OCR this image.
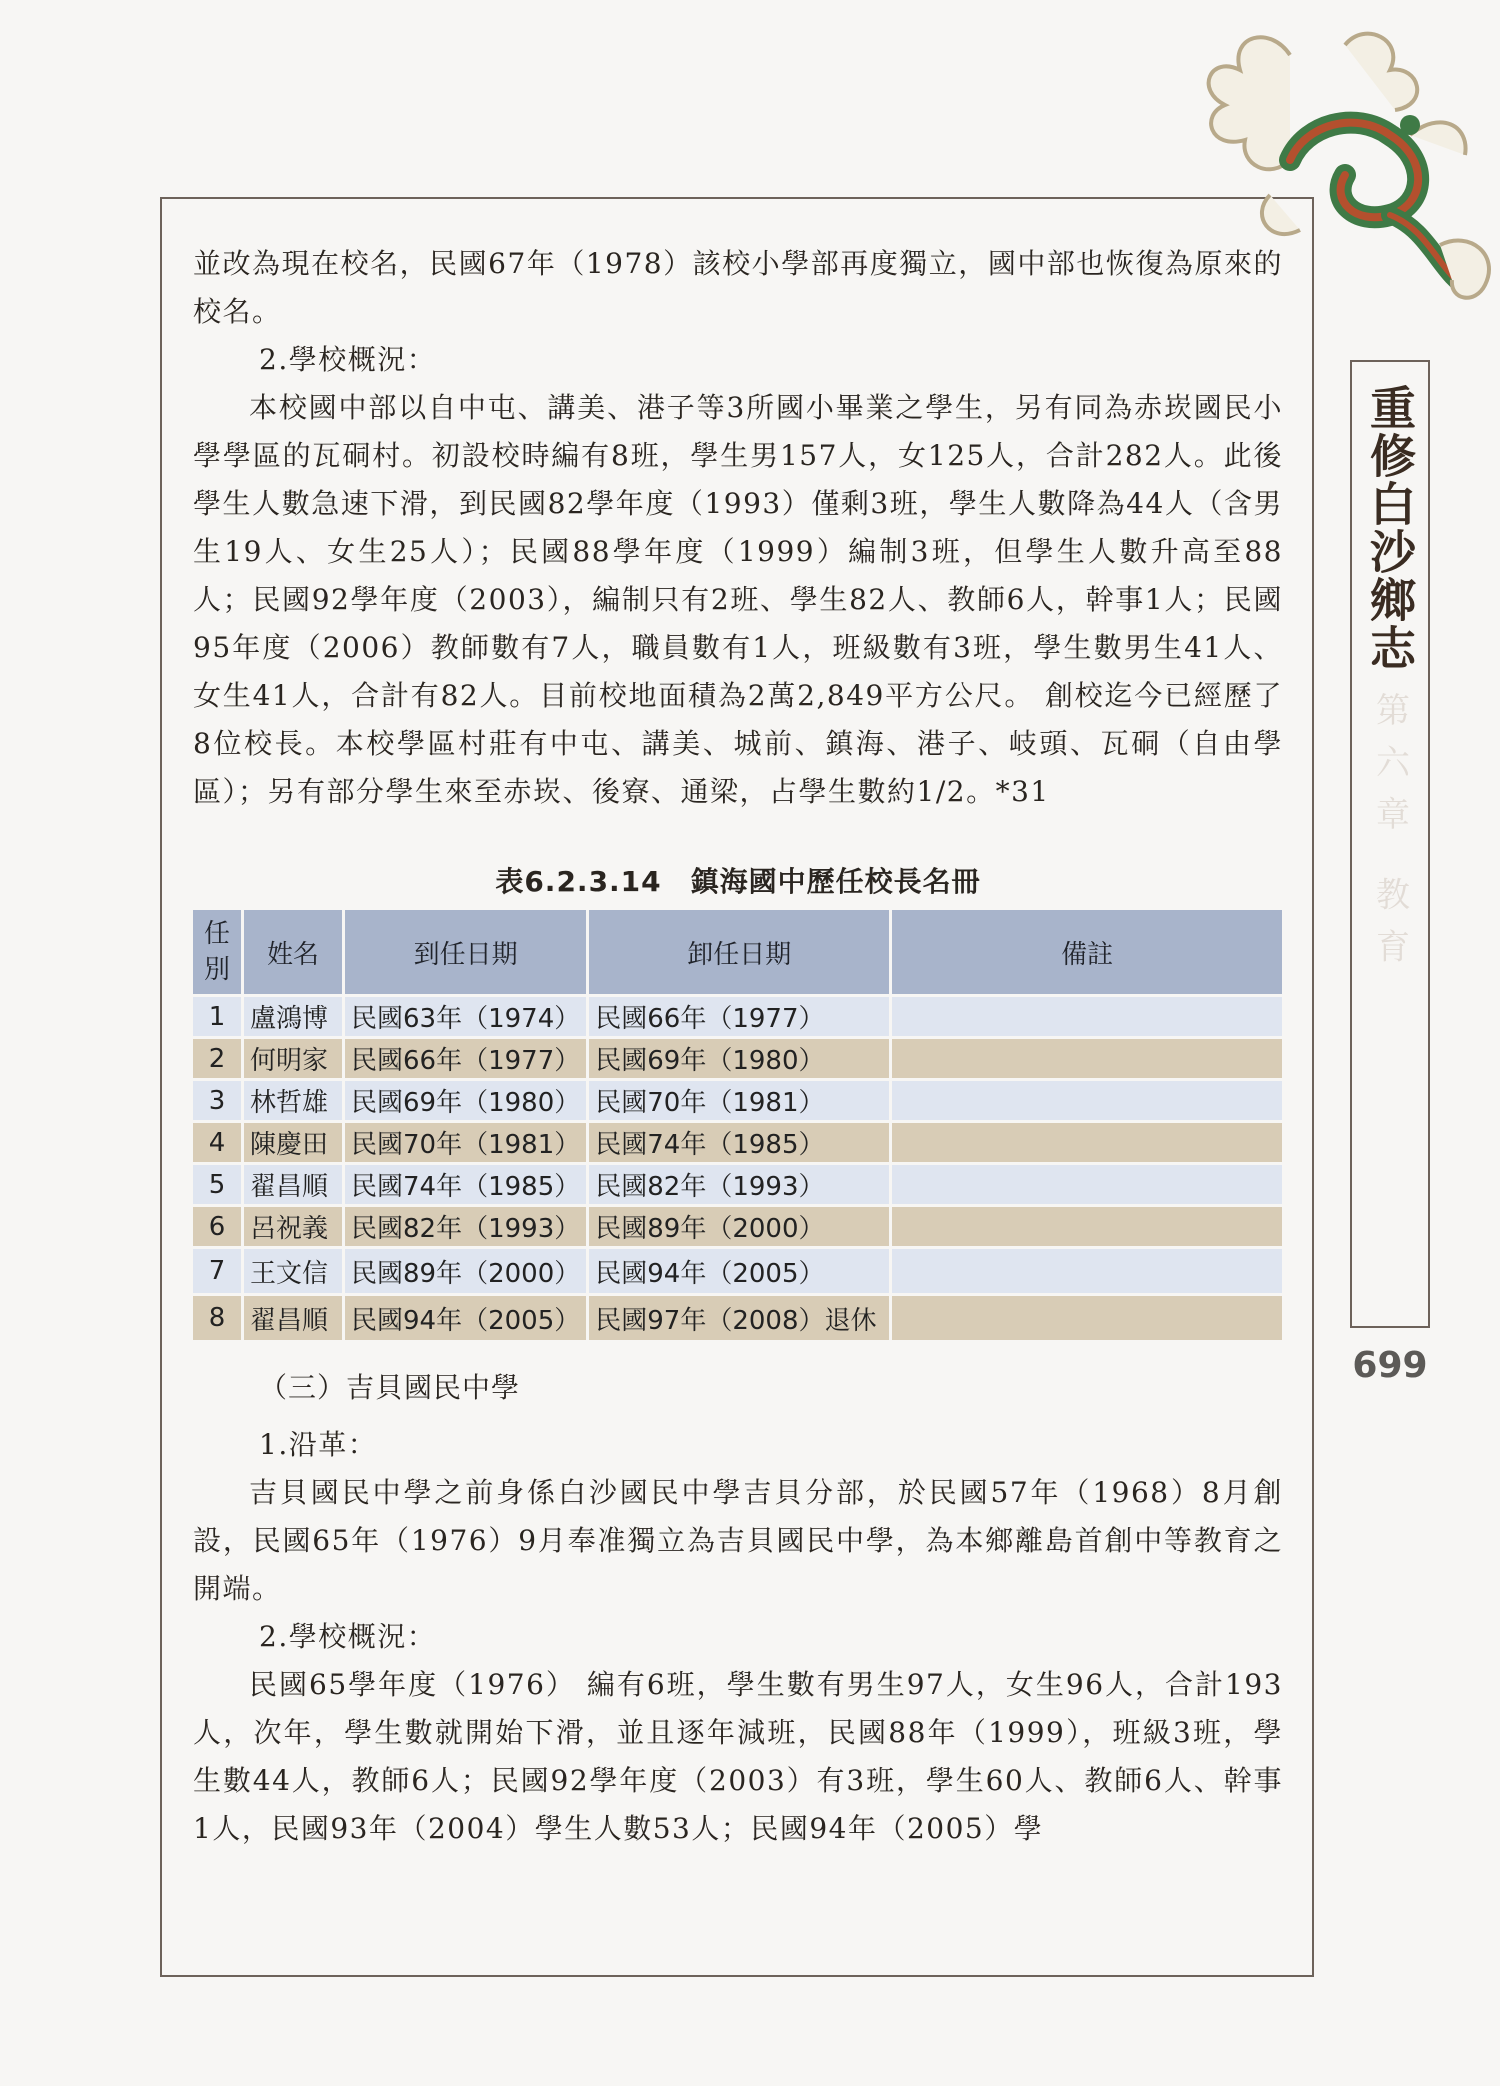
重修白沙鄉志
第六章 教育
699

並改為現在校名，民國67年（1978）該校小學部再度獨立，國中部也恢復為原來的校名。

2.學校概況：

本校國中部以自中屯、講美、港子等3所國小畢業之學生，另有同為赤崁國民小學學區的瓦硐村。初設校時編有8班，學生男157人，女125人，合計282人。此後學生人數急速下滑，到民國82學年度（1993）僅剩3班，學生人數降為44人（含男生19人、女生25人）；民國88學年度（1999）編制3班，但學生人數升高至88人；民國92學年度（2003），編制只有2班、學生82人、教師6人，幹事1人；民國95年度（2006）教師數有7人，職員數有1人，班級數有3班，學生數男生41人、女生41人，合計有82人。目前校地面積為2萬2,849平方公尺。 創校迄今已經歷了8位校長。本校學區村莊有中屯、講美、城前、鎮海、港子、岐頭、瓦硐（自由學區）；另有部分學生來至赤崁、後寮、通梁，占學生數約1/2。*31

表6.2.3.14　鎮海國中歷任校長名冊
任別	姓名	到任日期	卸任日期	備註
1	盧鴻博	民國63年（1974）	民國66年（1977）	
2	何明家	民國66年（1977）	民國69年（1980）	
3	林哲雄	民國69年（1980）	民國70年（1981）	
4	陳慶田	民國70年（1981）	民國74年（1985）	
5	翟昌順	民國74年（1985）	民國82年（1993）	
6	呂祝義	民國82年（1993）	民國89年（2000）	
7	王文信	民國89年（2000）	民國94年（2005）	
8	翟昌順	民國94年（2005）	民國97年（2008）退休	
（三）吉貝國民中學

1.沿革：

吉貝國民中學之前身係白沙國民中學吉貝分部，於民國57年（1968）8月創設，民國65年（1976）9月奉准獨立為吉貝國民中學，為本鄉離島首創中等教育之開端。

2.學校概況：

民國65學年度（1976） 編有6班，學生數有男生97人，女生96人，合計193人，次年，學生數就開始下滑，並且逐年減班，民國88年（1999），班級3班，學生數44人，教師6人；民國92學年度（2003）有3班，學生60人、教師6人、幹事1人，民國93年（2004）學生人數53人；民國94年（2005）學
